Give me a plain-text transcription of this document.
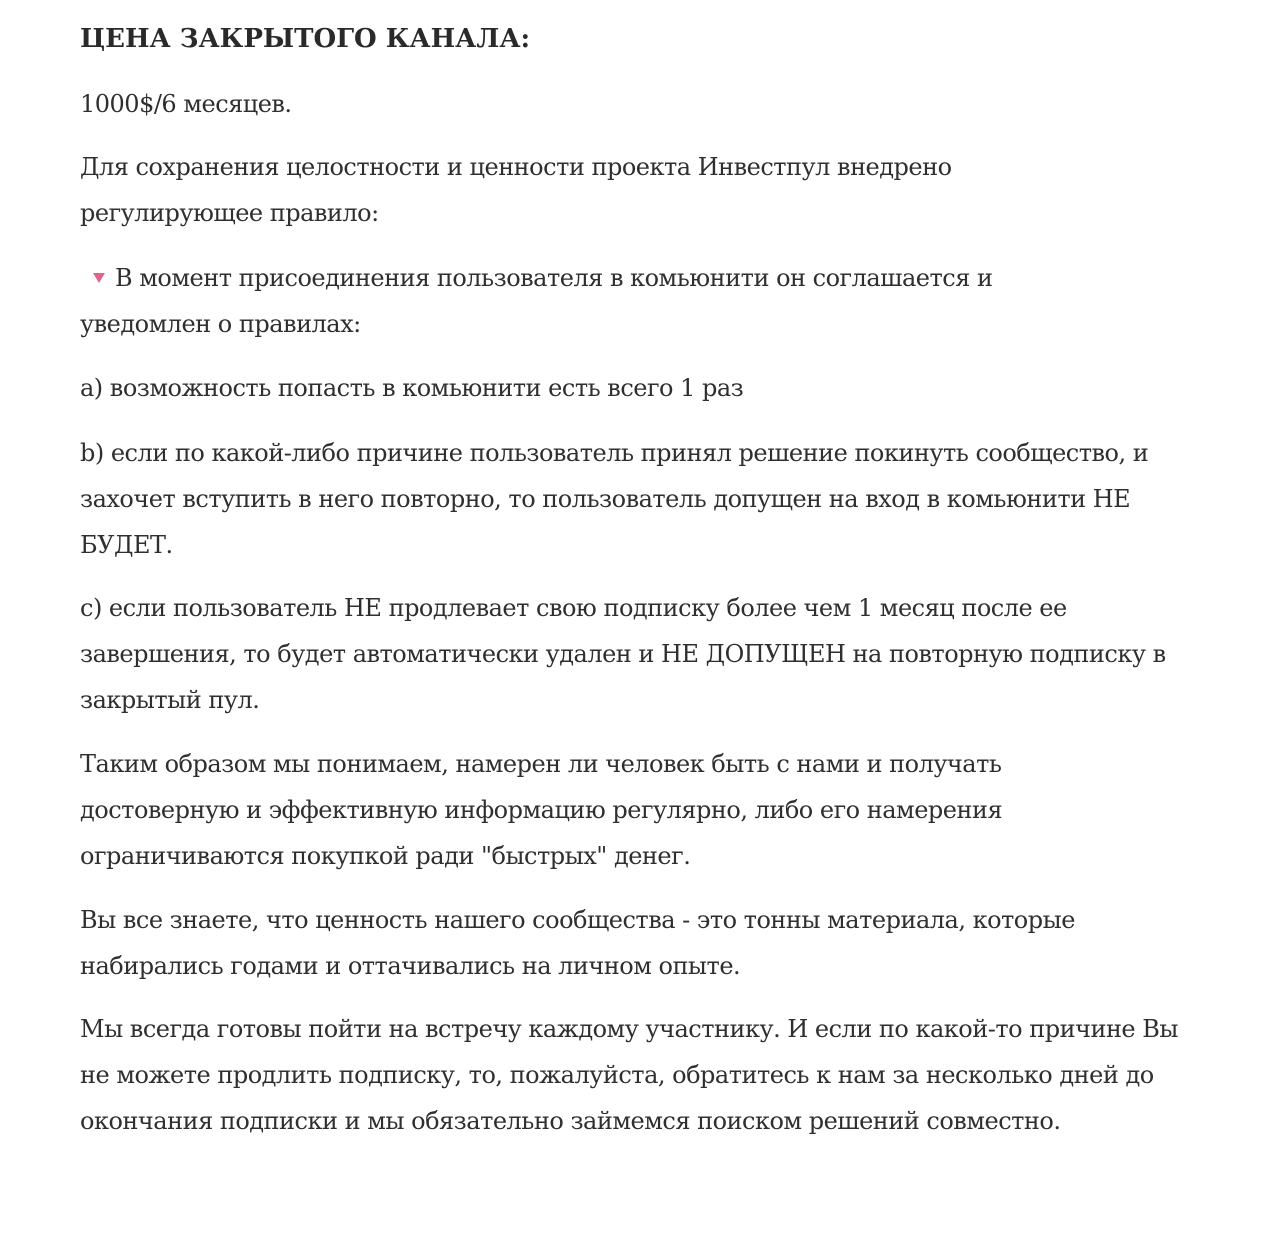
ЦЕНА ЗАКРЫТОГО КАНАЛА:

1000$/6 месяцев.

Для сохранения целостности и ценности проекта Инвестпул внедрено регулирующее правило:

В момент присоединения пользователя в комьюнити он соглашается и уведомлен о правилах:

a) возможность попасть в комьюнити есть всего 1 раз

b) если по какой-либо причине пользователь принял решение покинуть сообщество, и захочет вступить в него повторно, то пользователь допущен на вход в комьюнити НЕ БУДЕТ.

c) если пользователь НЕ продлевает свою подписку более чем 1 месяц после ее завершения, то будет автоматически удален и НЕ ДОПУЩЕН на повторную подписку в закрытый пул.

Таким образом мы понимаем, намерен ли человек быть с нами и получать достоверную и эффективную информацию регулярно, либо его намерения ограничиваются покупкой ради "быстрых" денег.

Вы все знаете, что ценность нашего сообщества - это тонны материала, которые набирались годами и оттачивались на личном опыте.

Мы всегда готовы пойти на встречу каждому участнику. И если по какой-то причине Вы не можете продлить подписку, то, пожалуйста, обратитесь к нам за несколько дней до окончания подписки и мы обязательно займемся поиском решений совместно.
